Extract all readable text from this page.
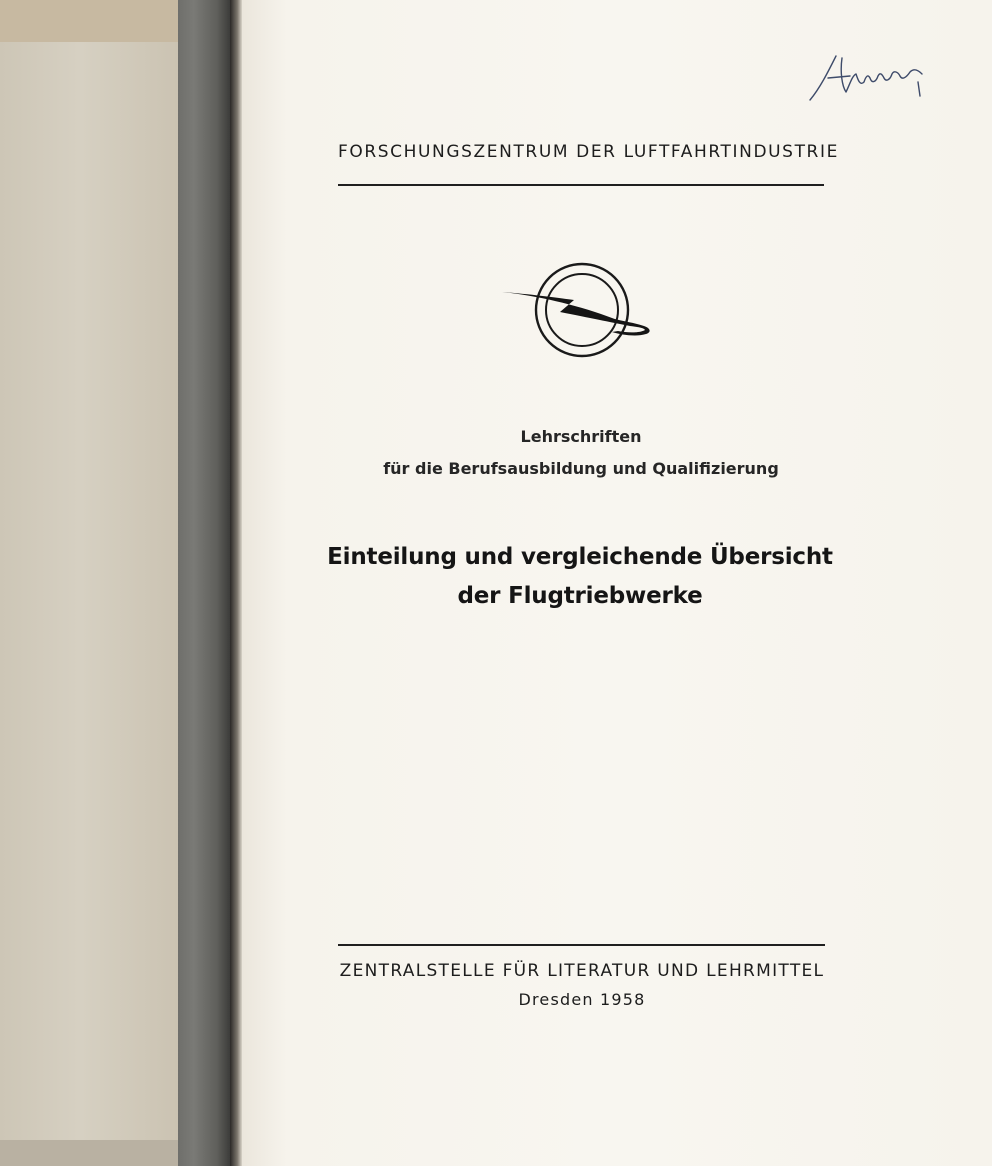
FORSCHUNGSZENTRUM DER LUFTFAHRTINDUSTRIE
Lehrschriften
für die Berufsausbildung und Qualifizierung
Einteilung und vergleichende Übersicht
der Flugtriebwerke
ZENTRALSTELLE FÜR LITERATUR UND LEHRMITTEL
Dresden 1958
